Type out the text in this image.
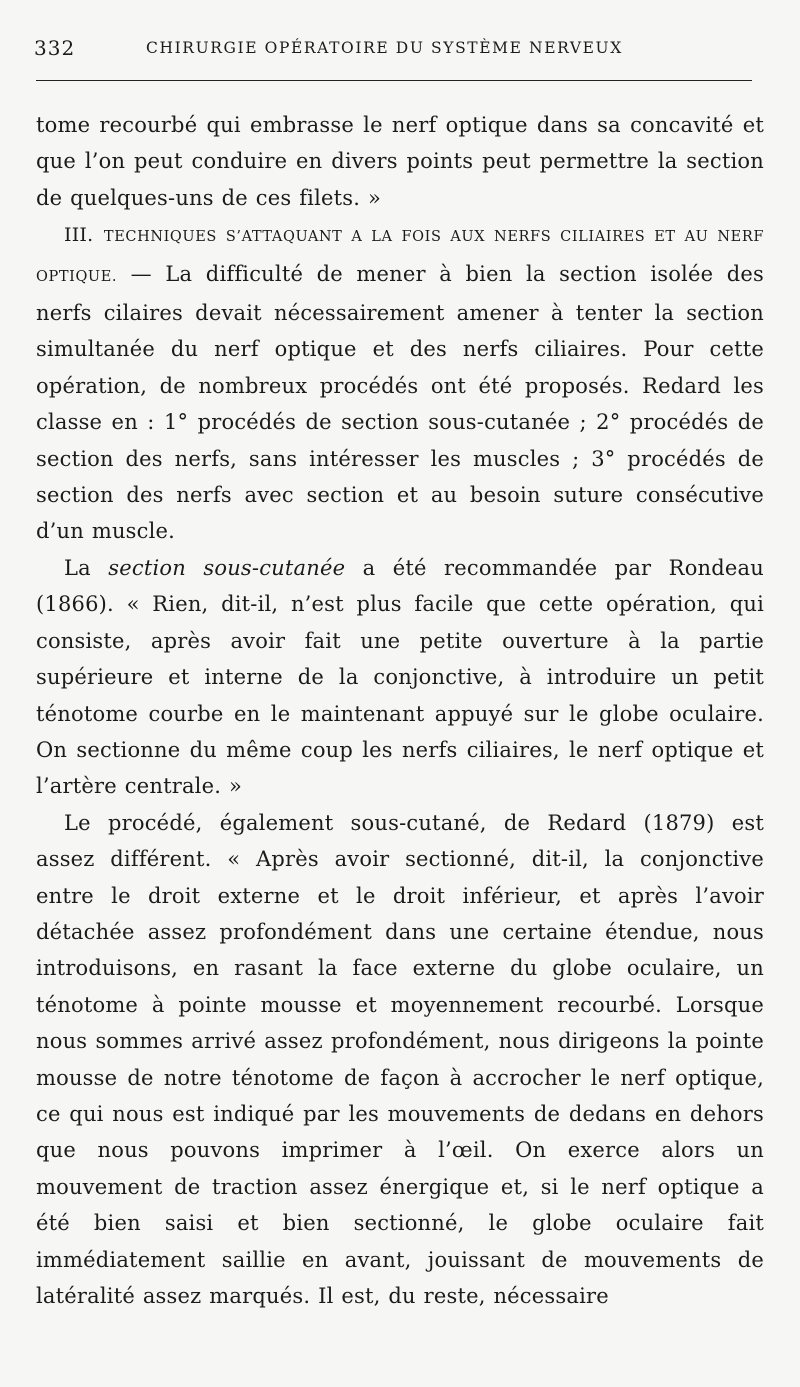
332	CHIRURGIE OPÉRATOIRE DU SYSTÈME NERVEUX

tome recourbé qui embrasse le nerf optique dans sa concavité et que l’on peut conduire en divers points peut permettre la section de quelques-uns de ces filets. »

III. TECHNIQUES S’ATTAQUANT A LA FOIS AUX NERFS CILIAIRES ET AU NERF OPTIQUE. — La difficulté de mener à bien la section isolée des nerfs cilaires devait nécessairement amener à tenter la section simultanée du nerf optique et des nerfs ciliaires. Pour cette opération, de nombreux procédés ont été proposés. Redard les classe en : 1° procédés de section sous-cutanée ; 2° procédés de section des nerfs, sans intéresser les muscles ; 3° procédés de section des nerfs avec section et au besoin suture consécutive d’un muscle.

La section sous-cutanée a été recommandée par Rondeau (1866). « Rien, dit-il, n’est plus facile que cette opération, qui consiste, après avoir fait une petite ouverture à la partie supérieure et interne de la conjonctive, à introduire un petit ténotome courbe en le maintenant appuyé sur le globe oculaire. On sectionne du même coup les nerfs ciliaires, le nerf optique et l’artère centrale. »

Le procédé, également sous-cutané, de Redard (1879) est assez différent. « Après avoir sectionné, dit-il, la conjonctive entre le droit externe et le droit inférieur, et après l’avoir détachée assez profondément dans une certaine étendue, nous introduisons, en rasant la face externe du globe oculaire, un ténotome à pointe mousse et moyennement recourbé. Lorsque nous sommes arrivé assez profondément, nous dirigeons la pointe mousse de notre ténotome de façon à accrocher le nerf optique, ce qui nous est indiqué par les mouvements de dedans en dehors que nous pouvons imprimer à l’œil. On exerce alors un mouvement de traction assez énergique et, si le nerf optique a été bien saisi et bien sectionné, le globe oculaire fait immédiatement saillie en avant, jouissant de mouvements de latéralité assez marqués. Il est, du reste, nécessaire
